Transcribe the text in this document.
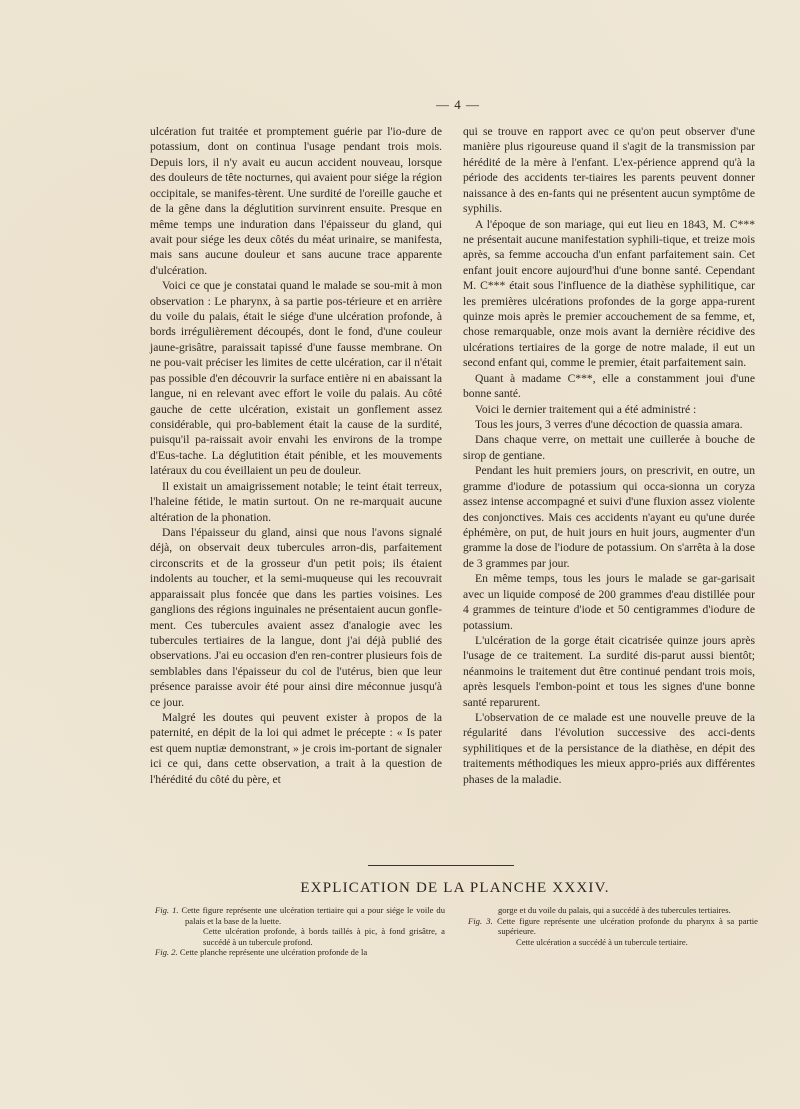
— 4 —

ulcération fut traitée et promptement guérie par l'io-dure de potassium, dont on continua l'usage pendant trois mois. Depuis lors, il n'y avait eu aucun accident nouveau, lorsque des douleurs de tête nocturnes, qui avaient pour siége la région occipitale, se manifes-tèrent. Une surdité de l'oreille gauche et de la gêne dans la déglutition survinrent ensuite. Presque en même temps une induration dans l'épaisseur du gland, qui avait pour siége les deux côtés du méat urinaire, se manifesta, mais sans aucune douleur et sans aucune trace apparente d'ulcération.

Voici ce que je constatai quand le malade se sou-mit à mon observation : Le pharynx, à sa partie pos-térieure et en arrière du voile du palais, était le siége d'une ulcération profonde, à bords irrégulièrement découpés, dont le fond, d'une couleur jaune-grisâtre, paraissait tapissé d'une fausse membrane. On ne pou-vait préciser les limites de cette ulcération, car il n'était pas possible d'en découvrir la surface entière ni en abaissant la langue, ni en relevant avec effort le voile du palais. Au côté gauche de cette ulcération, existait un gonflement assez considérable, qui pro-bablement était la cause de la surdité, puisqu'il pa-raissait avoir envahi les environs de la trompe d'Eus-tache. La déglutition était pénible, et les mouvements latéraux du cou éveillaient un peu de douleur.

Il existait un amaigrissement notable; le teint était terreux, l'haleine fétide, le matin surtout. On ne re-marquait aucune altération de la phonation.

Dans l'épaisseur du gland, ainsi que nous l'avons signalé déjà, on observait deux tubercules arron-dis, parfaitement circonscrits et de la grosseur d'un petit pois; ils étaient indolents au toucher, et la semi-muqueuse qui les recouvrait apparaissait plus foncée que dans les parties voisines. Les ganglions des régions inguinales ne présentaient aucun gonfle-ment. Ces tubercules avaient assez d'analogie avec les tubercules tertiaires de la langue, dont j'ai déjà publié des observations. J'ai eu occasion d'en ren-contrer plusieurs fois de semblables dans l'épaisseur du col de l'utérus, bien que leur présence paraisse avoir été pour ainsi dire méconnue jusqu'à ce jour.

Malgré les doutes qui peuvent exister à propos de la paternité, en dépit de la loi qui admet le précepte : « Is pater est quem nuptiæ demonstrant, » je crois im-portant de signaler ici ce qui, dans cette observation, a trait à la question de l'hérédité du côté du père, et

qui se trouve en rapport avec ce qu'on peut observer d'une manière plus rigoureuse quand il s'agit de la transmission par hérédité de la mère à l'enfant. L'ex-périence apprend qu'à la période des accidents ter-tiaires les parents peuvent donner naissance à des en-fants qui ne présentent aucun symptôme de syphilis.

A l'époque de son mariage, qui eut lieu en 1843, M. C*** ne présentait aucune manifestation syphili-tique, et treize mois après, sa femme accoucha d'un enfant parfaitement sain. Cet enfant jouit encore aujourd'hui d'une bonne santé. Cependant M. C*** était sous l'influence de la diathèse syphilitique, car les premières ulcérations profondes de la gorge appa-rurent quinze mois après le premier accouchement de sa femme, et, chose remarquable, onze mois avant la dernière récidive des ulcérations tertiaires de la gorge de notre malade, il eut un second enfant qui, comme le premier, était parfaitement sain.

Quant à madame C***, elle a constamment joui d'une bonne santé.

Voici le dernier traitement qui a été administré :

Tous les jours, 3 verres d'une décoction de quassia amara.

Dans chaque verre, on mettait une cuillerée à bouche de sirop de gentiane.

Pendant les huit premiers jours, on prescrivit, en outre, un gramme d'iodure de potassium qui occa-sionna un coryza assez intense accompagné et suivi d'une fluxion assez violente des conjonctives. Mais ces accidents n'ayant eu qu'une durée éphémère, on put, de huit jours en huit jours, augmenter d'un gramme la dose de l'iodure de potassium. On s'arrêta à la dose de 3 grammes par jour.

En même temps, tous les jours le malade se gar-garisait avec un liquide composé de 200 grammes d'eau distillée pour 4 grammes de teinture d'iode et 50 centigrammes d'iodure de potassium.

L'ulcération de la gorge était cicatrisée quinze jours après l'usage de ce traitement. La surdité dis-parut aussi bientôt; néanmoins le traitement dut être continué pendant trois mois, après lesquels l'embon-point et tous les signes d'une bonne santé reparurent.

L'observation de ce malade est une nouvelle preuve de la régularité dans l'évolution successive des acci-dents syphilitiques et de la persistance de la diathèse, en dépit des traitements méthodiques les mieux appro-priés aux différentes phases de la maladie.

EXPLICATION DE LA PLANCHE XXXIV.

Fig. 1. Cette figure représente une ulcération tertiaire qui a pour siége le voile du palais et la base de la luette.
Cette ulcération profonde, à bords taillés à pic, à fond grisâtre, a succédé à un tubercule profond.

Fig. 2. Cette planche représente une ulcération profonde de la

gorge et du voile du palais, qui a succédé à des tubercules tertiaires.

Fig. 3. Cette figure représente une ulcération profonde du pharynx à sa partie supérieure.
Cette ulcération a succédé à un tubercule tertiaire.
